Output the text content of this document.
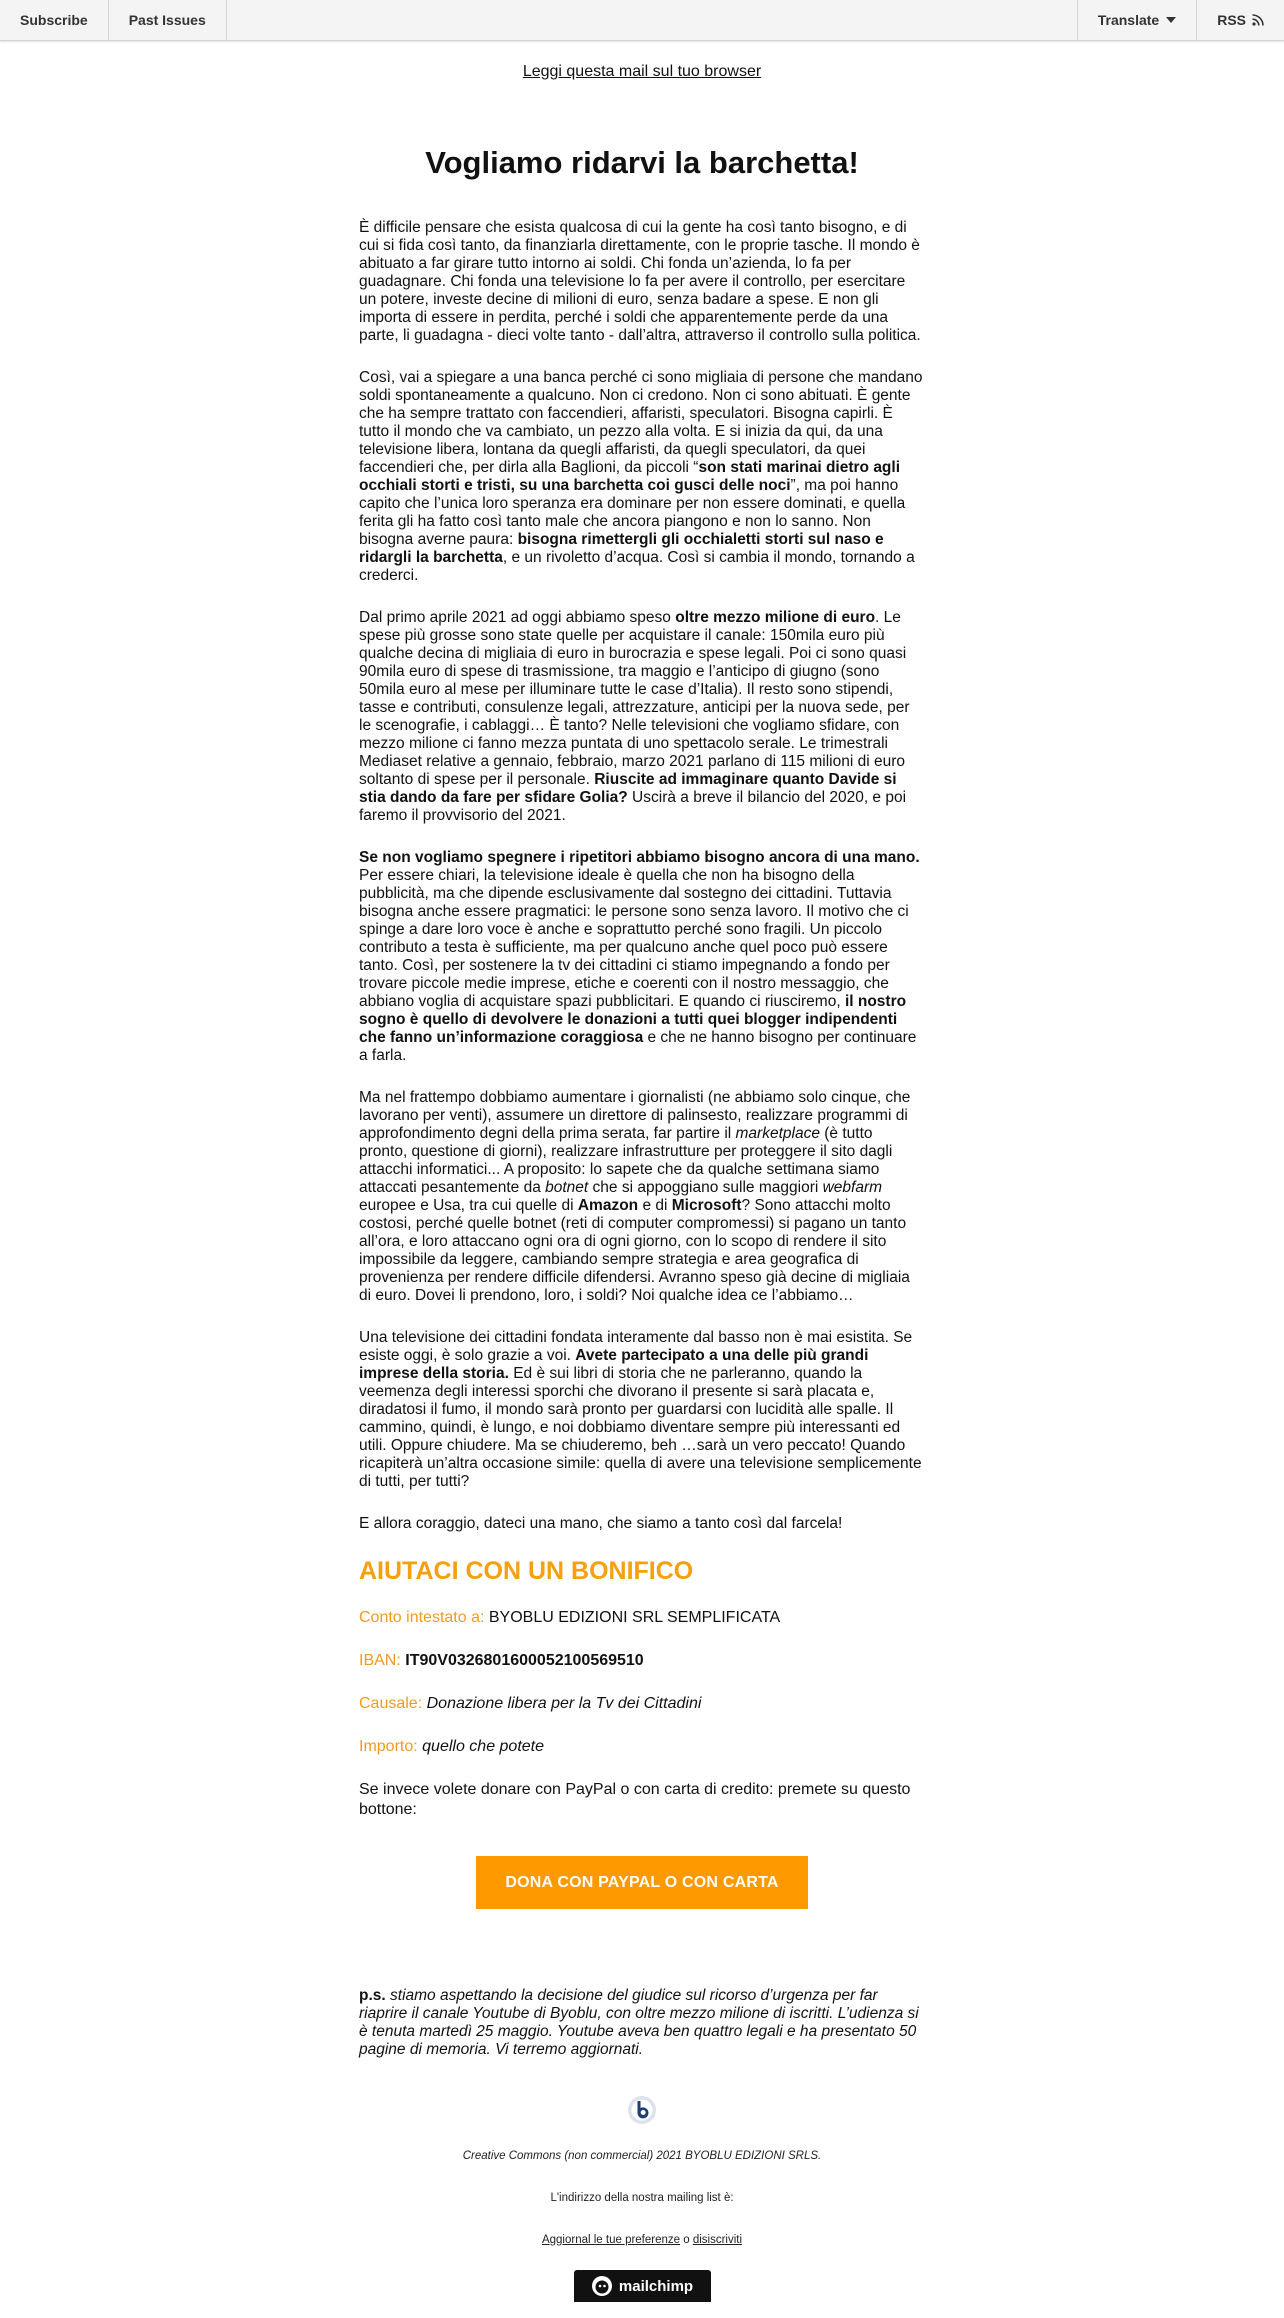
Subscribe	Past Issues	Translate	RSS
Leggi questa mail sul tuo browser
Vogliamo ridarvi la barchetta!

È difficile pensare che esista qualcosa di cui la gente ha così tanto bisogno, e di cui si fida così tanto, da finanziarla direttamente, con le proprie tasche. Il mondo è abituato a far girare tutto intorno ai soldi. Chi fonda un’azienda, lo fa per guadagnare. Chi fonda una televisione lo fa per avere il controllo, per esercitare un potere, investe decine di milioni di euro, senza badare a spese. E non gli importa di essere in perdita, perché i soldi che apparentemente perde da una parte, li guadagna - dieci volte tanto - dall’altra, attraverso il controllo sulla politica.

Così, vai a spiegare a una banca perché ci sono migliaia di persone che mandano soldi spontaneamente a qualcuno. Non ci credono. Non ci sono abituati. È gente che ha sempre trattato con faccendieri, affaristi, speculatori. Bisogna capirli. È tutto il mondo che va cambiato, un pezzo alla volta. E si inizia da qui, da una televisione libera, lontana da quegli affaristi, da quegli speculatori, da quei faccendieri che, per dirla alla Baglioni, da piccoli “son stati marinai dietro agli occhiali storti e tristi, su una barchetta coi gusci delle noci”, ma poi hanno capito che l’unica loro speranza era dominare per non essere dominati, e quella ferita gli ha fatto così tanto male che ancora piangono e non lo sanno. Non bisogna averne paura: bisogna rimettergli gli occhialetti storti sul naso e ridargli la barchetta, e un rivoletto d’acqua. Così si cambia il mondo, tornando a crederci.

Dal primo aprile 2021 ad oggi abbiamo speso oltre mezzo milione di euro. Le spese più grosse sono state quelle per acquistare il canale: 150mila euro più qualche decina di migliaia di euro in burocrazia e spese legali. Poi ci sono quasi 90mila euro di spese di trasmissione, tra maggio e l’anticipo di giugno (sono 50mila euro al mese per illuminare tutte le case d’Italia). Il resto sono stipendi, tasse e contributi, consulenze legali, attrezzature, anticipi per la nuova sede, per le scenografie, i cablaggi… È tanto? Nelle televisioni che vogliamo sfidare, con mezzo milione ci fanno mezza puntata di uno spettacolo serale. Le trimestrali Mediaset relative a gennaio, febbraio, marzo 2021 parlano di 115 milioni di euro soltanto di spese per il personale. Riuscite ad immaginare quanto Davide si stia dando da fare per sfidare Golia? Uscirà a breve il bilancio del 2020, e poi faremo il provvisorio del 2021.

Se non vogliamo spegnere i ripetitori abbiamo bisogno ancora di una mano. Per essere chiari, la televisione ideale è quella che non ha bisogno della pubblicità, ma che dipende esclusivamente dal sostegno dei cittadini. Tuttavia bisogna anche essere pragmatici: le persone sono senza lavoro. Il motivo che ci spinge a dare loro voce è anche e soprattutto perché sono fragili. Un piccolo contributo a testa è sufficiente, ma per qualcuno anche quel poco può essere tanto. Così, per sostenere la tv dei cittadini ci stiamo impegnando a fondo per trovare piccole medie imprese, etiche e coerenti con il nostro messaggio, che abbiano voglia di acquistare spazi pubblicitari. E quando ci riusciremo, il nostro sogno è quello di devolvere le donazioni a tutti quei blogger indipendenti che fanno un’informazione coraggiosa e che ne hanno bisogno per continuare a farla.

Ma nel frattempo dobbiamo aumentare i giornalisti (ne abbiamo solo cinque, che lavorano per venti), assumere un direttore di palinsesto, realizzare programmi di approfondimento degni della prima serata, far partire il marketplace (è tutto pronto, questione di giorni), realizzare infrastrutture per proteggere il sito dagli attacchi informatici... A proposito: lo sapete che da qualche settimana siamo attaccati pesantemente da botnet che si appoggiano sulle maggiori webfarm europee e Usa, tra cui quelle di Amazon e di Microsoft? Sono attacchi molto costosi, perché quelle botnet (reti di computer compromessi) si pagano un tanto all’ora, e loro attaccano ogni ora di ogni giorno, con lo scopo di rendere il sito impossibile da leggere, cambiando sempre strategia e area geografica di provenienza per rendere difficile difendersi. Avranno speso già decine di migliaia di euro. Dovei li prendono, loro, i soldi? Noi qualche idea ce l’abbiamo…

Una televisione dei cittadini fondata interamente dal basso non è mai esistita. Se esiste oggi, è solo grazie a voi. Avete partecipato a una delle più grandi imprese della storia. Ed è sui libri di storia che ne parleranno, quando la veemenza degli interessi sporchi che divorano il presente si sarà placata e, diradatosi il fumo, il mondo sarà pronto per guardarsi con lucidità alle spalle. Il cammino, quindi, è lungo, e noi dobbiamo diventare sempre più interessanti ed utili. Oppure chiudere. Ma se chiuderemo, beh …sarà un vero peccato! Quando ricapiterà un’altra occasione simile: quella di avere una televisione semplicemente di tutti, per tutti?

E allora coraggio, dateci una mano, che siamo a tanto così dal farcela!

AIUTACI CON UN BONIFICO

Conto intestato a: BYOBLU EDIZIONI SRL SEMPLIFICATA

IBAN: IT90V0326801600052100569510

Causale: Donazione libera per la Tv dei Cittadini

Importo: quello che potete

Se invece volete donare con PayPal o con carta di credito: premete su questo bottone:

DONA CON PAYPAL O CON CARTA

p.s. stiamo aspettando la decisione del giudice sul ricorso d’urgenza per far riaprire il canale Youtube di Byoblu, con oltre mezzo milione di iscritti. L’udienza si è tenuta martedì 25 maggio. Youtube aveva ben quattro legali e ha presentato 50 pagine di memoria. Vi terremo aggiornati.

Creative Commons (non commercial) 2021 BYOBLU EDIZIONI SRLS.

L'indirizzo della nostra mailing list è:

Aggiornal le tue preferenze o disiscriviti

mailchimp
